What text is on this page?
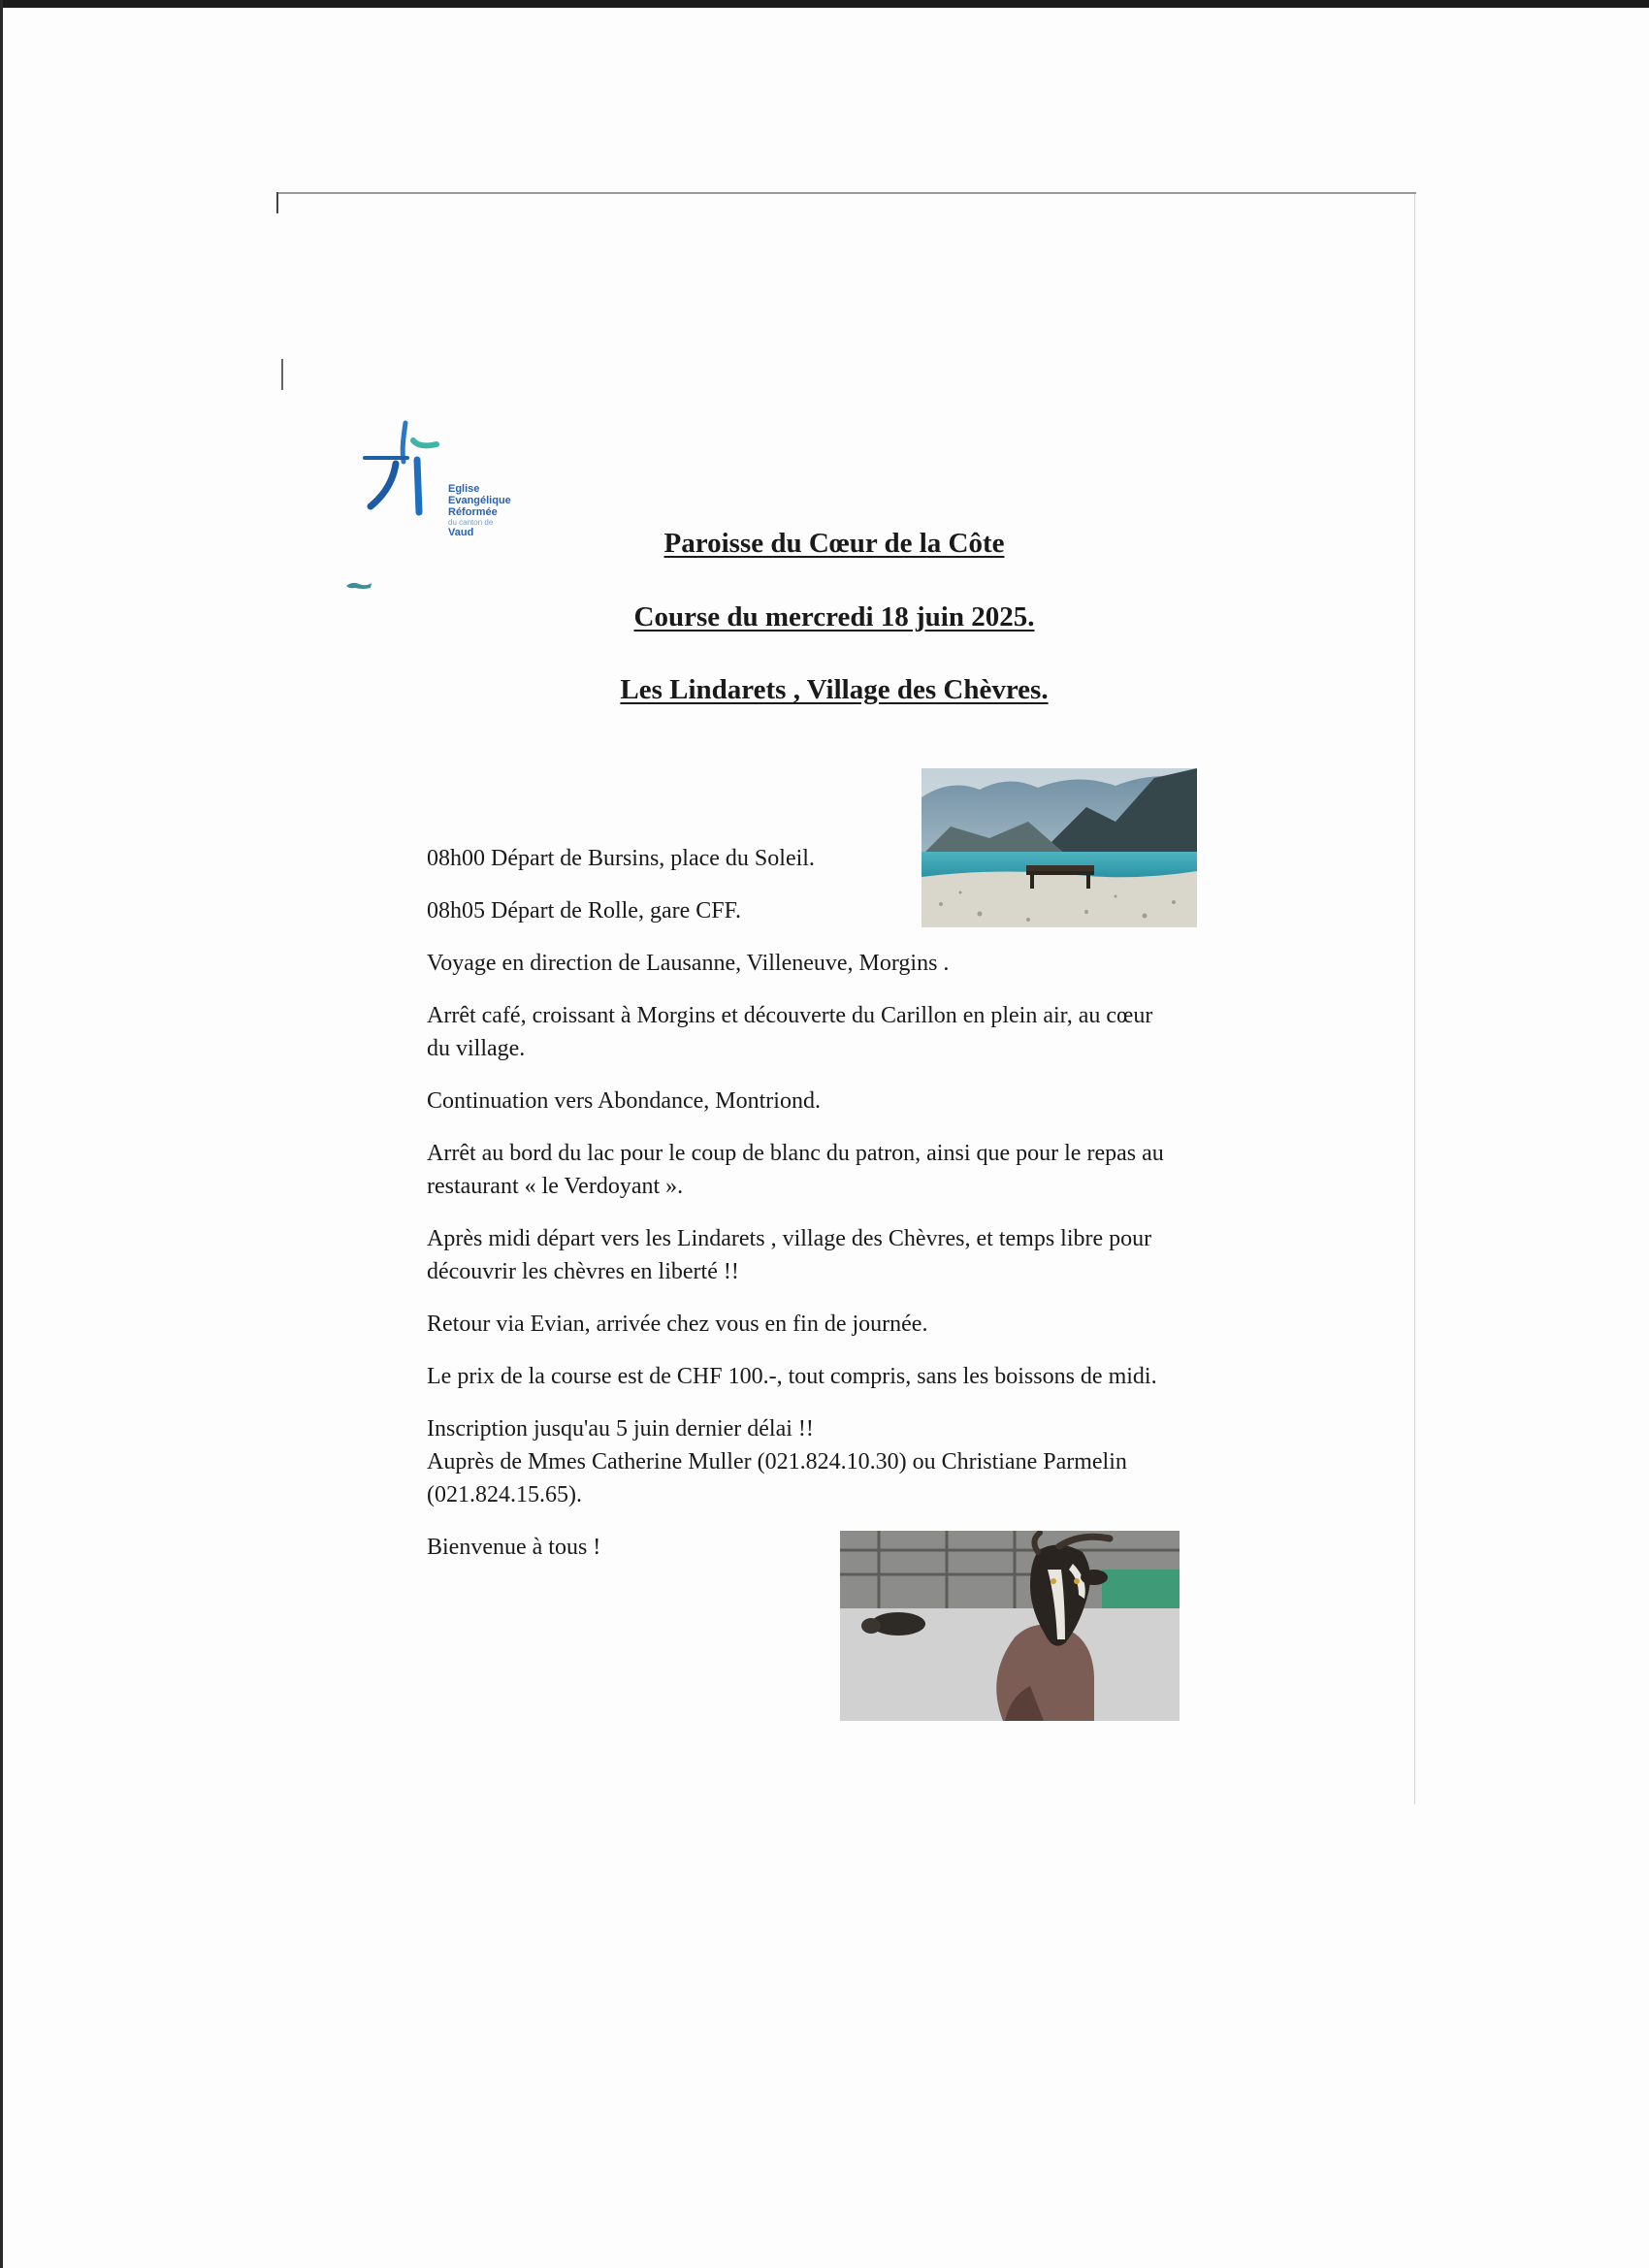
Eglise
Evangélique
Réformée
du canton de
Vaud	Paroisse du Cœur de la Côte
Course du mercredi 18 juin 2025.
Les Lindarets , Village des Chèvres.

08h00 Départ de Bursins, place du Soleil.

08h05 Départ de Rolle, gare CFF.

Voyage en direction de Lausanne, Villeneuve, Morgins .

Arrêt café, croissant à Morgins et découverte du Carillon en plein air, au cœur
du village.

Continuation vers Abondance, Montriond.

Arrêt au bord du lac pour le coup de blanc du patron, ainsi que pour le repas au
restaurant « le Verdoyant ».

Après midi départ vers les Lindarets , village des Chèvres, et temps libre pour
découvrir les chèvres en liberté !!

Retour via Evian, arrivée chez vous en fin de journée.

Le prix de la course est de CHF 100.-, tout compris, sans les boissons de midi.

Inscription jusqu'au 5 juin dernier délai !!
Auprès de Mmes Catherine Muller (021.824.10.30) ou Christiane Parmelin
(021.824.15.65).

Bienvenue à tous !
